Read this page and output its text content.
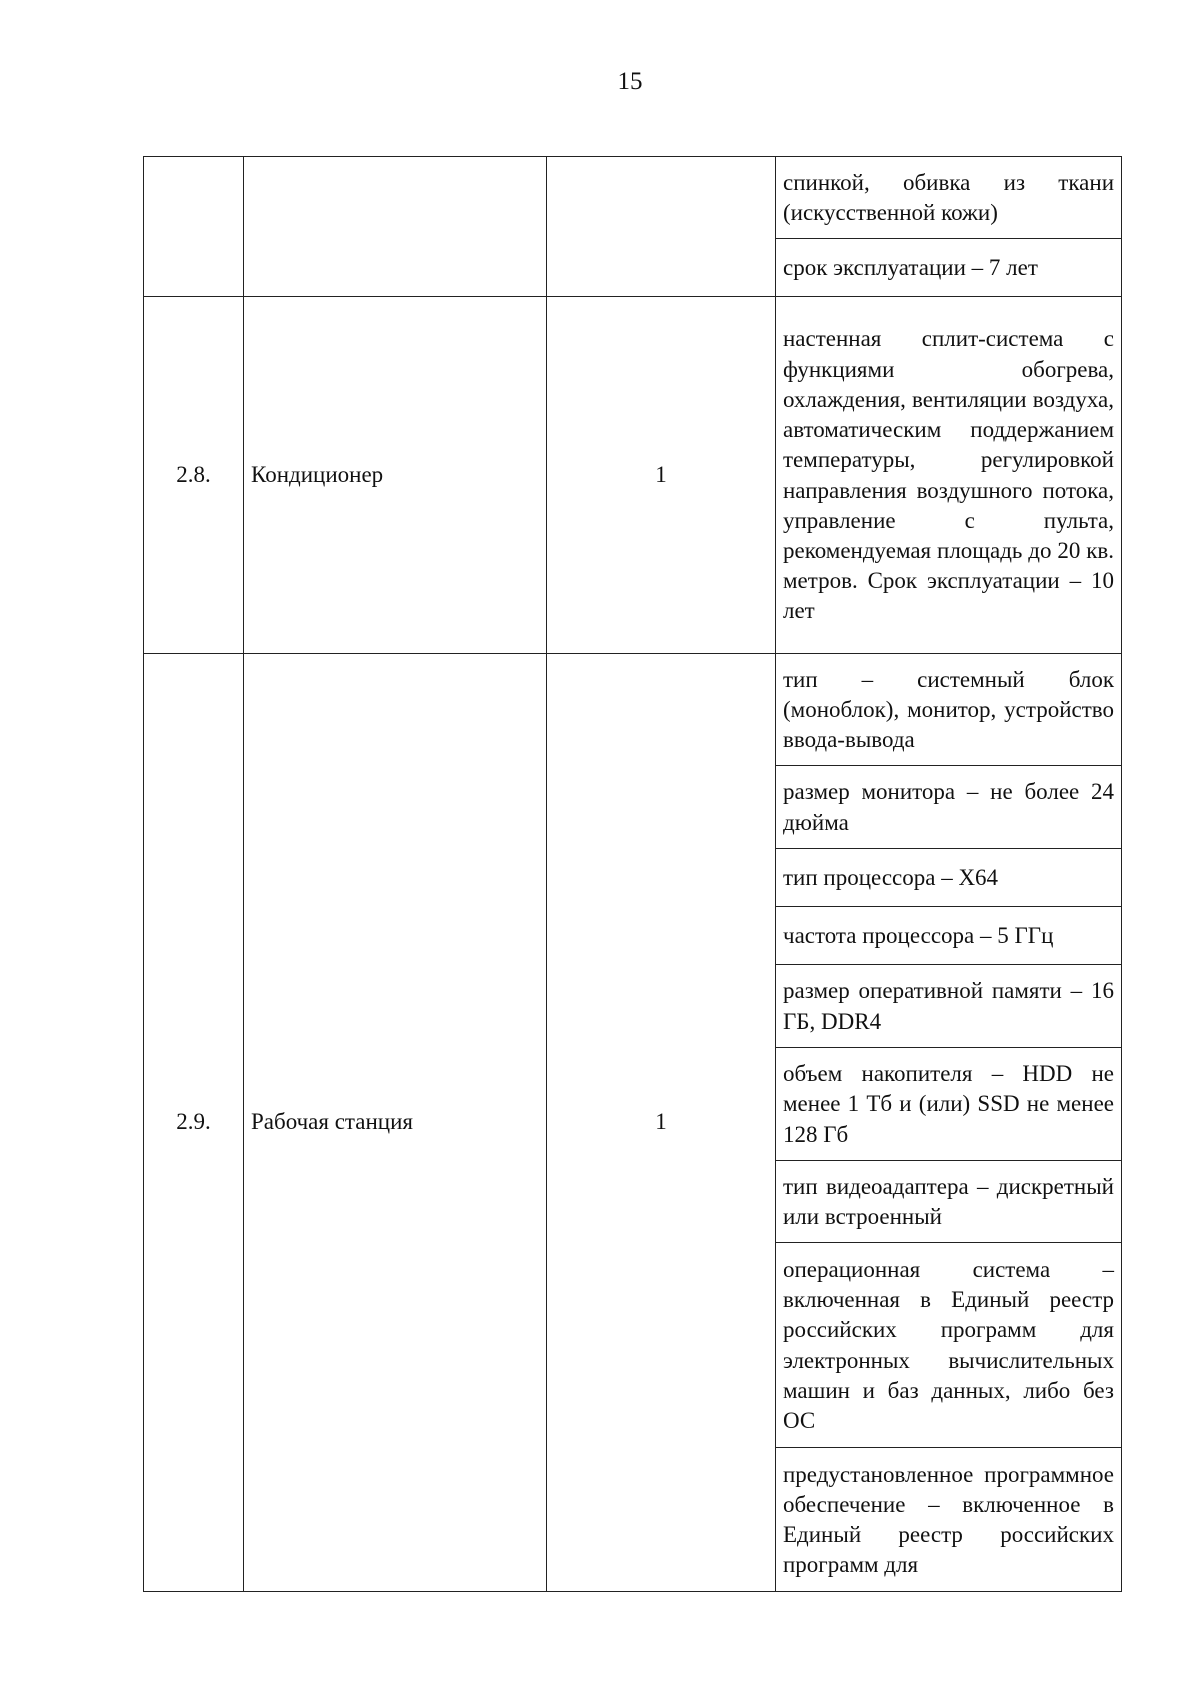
15
			спинкой, обивка из ткани (искусственной кожи)
			срок эксплуатации – 7 лет
2.8.	Кондиционер	1	настенная сплит-система с функциями обогрева, охлаждения, вентиляции воздуха, автоматическим поддержанием температуры, регулировкой направления воздушного потока, управление с пульта, рекомендуемая площадь до 20 кв. метров. Срок эксплуатации – 10 лет
2.9.	Рабочая станция	1	тип – системный блок (моноблок), монитор, устройство ввода-вывода
			размер монитора – не более 24 дюйма
			тип процессора – X64
			частота процессора – 5 ГГц
			размер оперативной памяти – 16 ГБ, DDR4
			объем накопителя – HDD не менее 1 Тб и (или) SSD не менее 128 Гб
			тип видеоадаптера – дискретный или встроенный
			операционная система – включенная в Единый реестр российских программ для электронных вычислительных машин и баз данных, либо без ОС
			предустановленное программное обеспечение – включенное в Единый реестр российских программ для
